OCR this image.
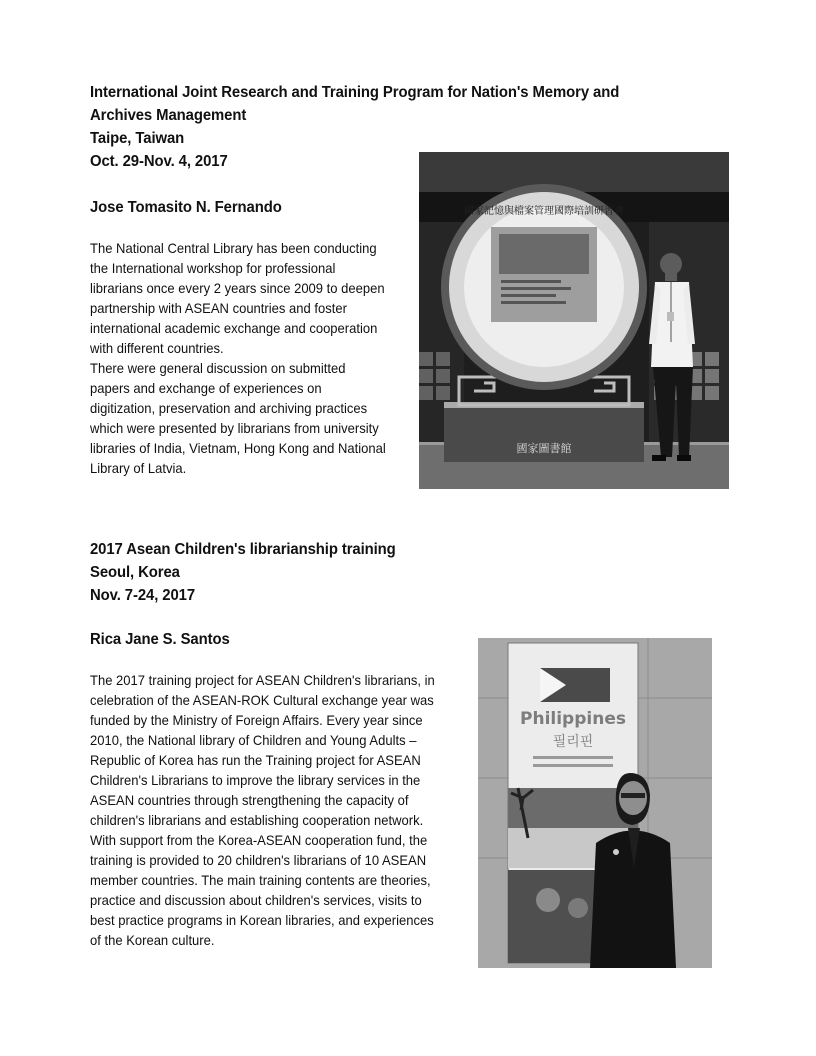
International Joint Research and Training Program for Nation's Memory and
Archives Management
Taipe, Taiwan
Oct. 29-Nov. 4, 2017
Jose Tomasito N. Fernando
The National Central Library has been conducting
the International workshop for professional
librarians once every 2 years since 2009 to deepen
partnership with ASEAN countries and foster
international academic exchange and cooperation
with different countries.
There were general discussion on submitted
papers and exchange of experiences on
digitization, preservation and archiving practices
which were presented by librarians from university
libraries of India, Vietnam, Hong Kong and National
Library of Latvia.
國家圖書館
國家記憶與檔案管理國際培訓研習會
2017 Asean Children's librarianship training
Seoul, Korea
Nov. 7-24, 2017
Rica Jane S. Santos
The 2017 training project for ASEAN Children's librarians, in
celebration of the ASEAN-ROK Cultural exchange year was
funded by the Ministry of Foreign Affairs. Every year since
2010, the National library of Children and Young Adults –
Republic of Korea has run the Training project for ASEAN
Children's Librarians to improve the library services in the
ASEAN countries through strengthening the capacity of
children's librarians and establishing cooperation network.
With support from the Korea-ASEAN cooperation fund, the
training is provided to 20 children's librarians of 10 ASEAN
member countries. The main training contents are theories,
practice and discussion about children's services, visits to
best practice programs in Korean libraries, and experiences
of the Korean culture.
Philippines
필리핀
